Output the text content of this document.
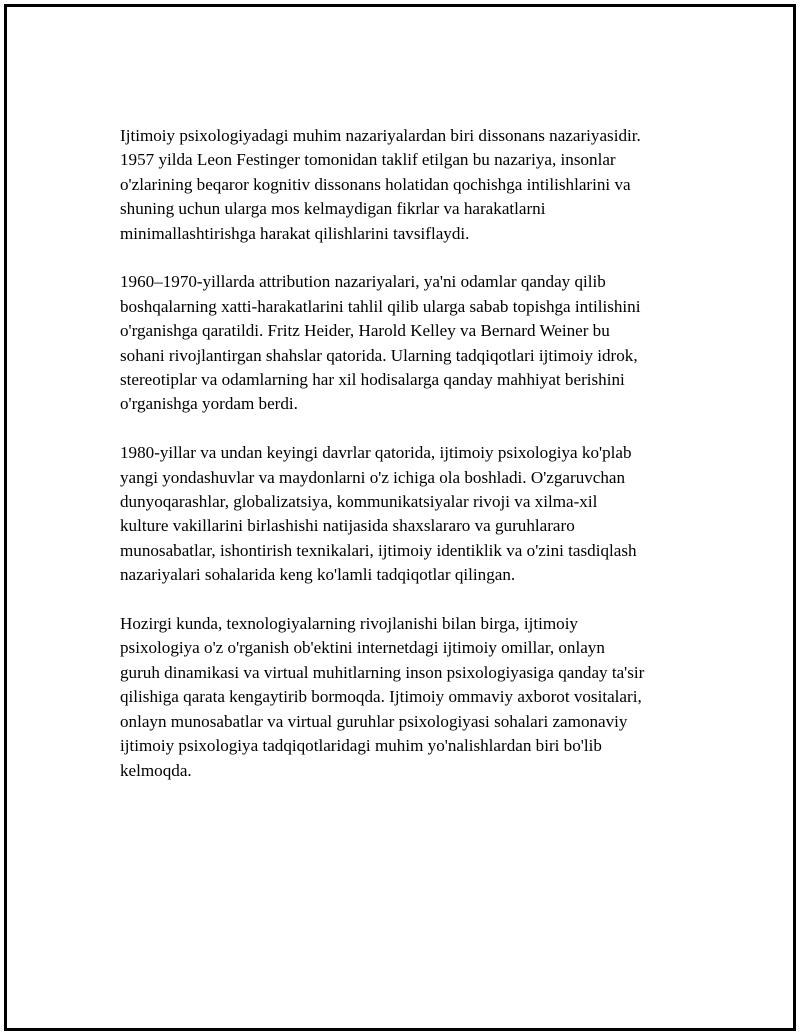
Ijtimoiy psixologiyadagi muhim nazariyalardan biri dissonans nazariyasidir.
1957 yilda Leon Festinger tomonidan taklif etilgan bu nazariya, insonlar
o'zlarining beqaror kognitiv dissonans holatidan qochishga intilishlarini va
shuning uchun ularga mos kelmaydigan fikrlar va harakatlarni
minimallashtirishga harakat qilishlarini tavsiflaydi.

1960–1970-yillarda attribution nazariyalari, ya'ni odamlar qanday qilib
boshqalarning xatti-harakatlarini tahlil qilib ularga sabab topishga intilishini
o'rganishga qaratildi. Fritz Heider, Harold Kelley va Bernard Weiner bu
sohani rivojlantirgan shahslar qatorida. Ularning tadqiqotlari ijtimoiy idrok,
stereotiplar va odamlarning har xil hodisalarga qanday mahhiyat berishini
o'rganishga yordam berdi.

1980-yillar va undan keyingi davrlar qatorida, ijtimoiy psixologiya ko'plab
yangi yondashuvlar va maydonlarni o'z ichiga ola boshladi. O'zgaruvchan
dunyoqarashlar, globalizatsiya, kommunikatsiyalar rivoji va xilma-xil
kulture vakillarini birlashishi natijasida shaxslararo va guruhlararo
munosabatlar, ishontirish texnikalari, ijtimoiy identiklik va o'zini tasdiqlash
nazariyalari sohalarida keng ko'lamli tadqiqotlar qilingan.

Hozirgi kunda, texnologiyalarning rivojlanishi bilan birga, ijtimoiy
psixologiya o'z o'rganish ob'ektini internetdagi ijtimoiy omillar, onlayn
guruh dinamikasi va virtual muhitlarning inson psixologiyasiga qanday ta'sir
qilishiga qarata kengaytirib bormoqda. Ijtimoiy ommaviy axborot vositalari,
onlayn munosabatlar va virtual guruhlar psixologiyasi sohalari zamonaviy
ijtimoiy psixologiya tadqiqotlaridagi muhim yo'nalishlardan biri bo'lib
kelmoqda.
